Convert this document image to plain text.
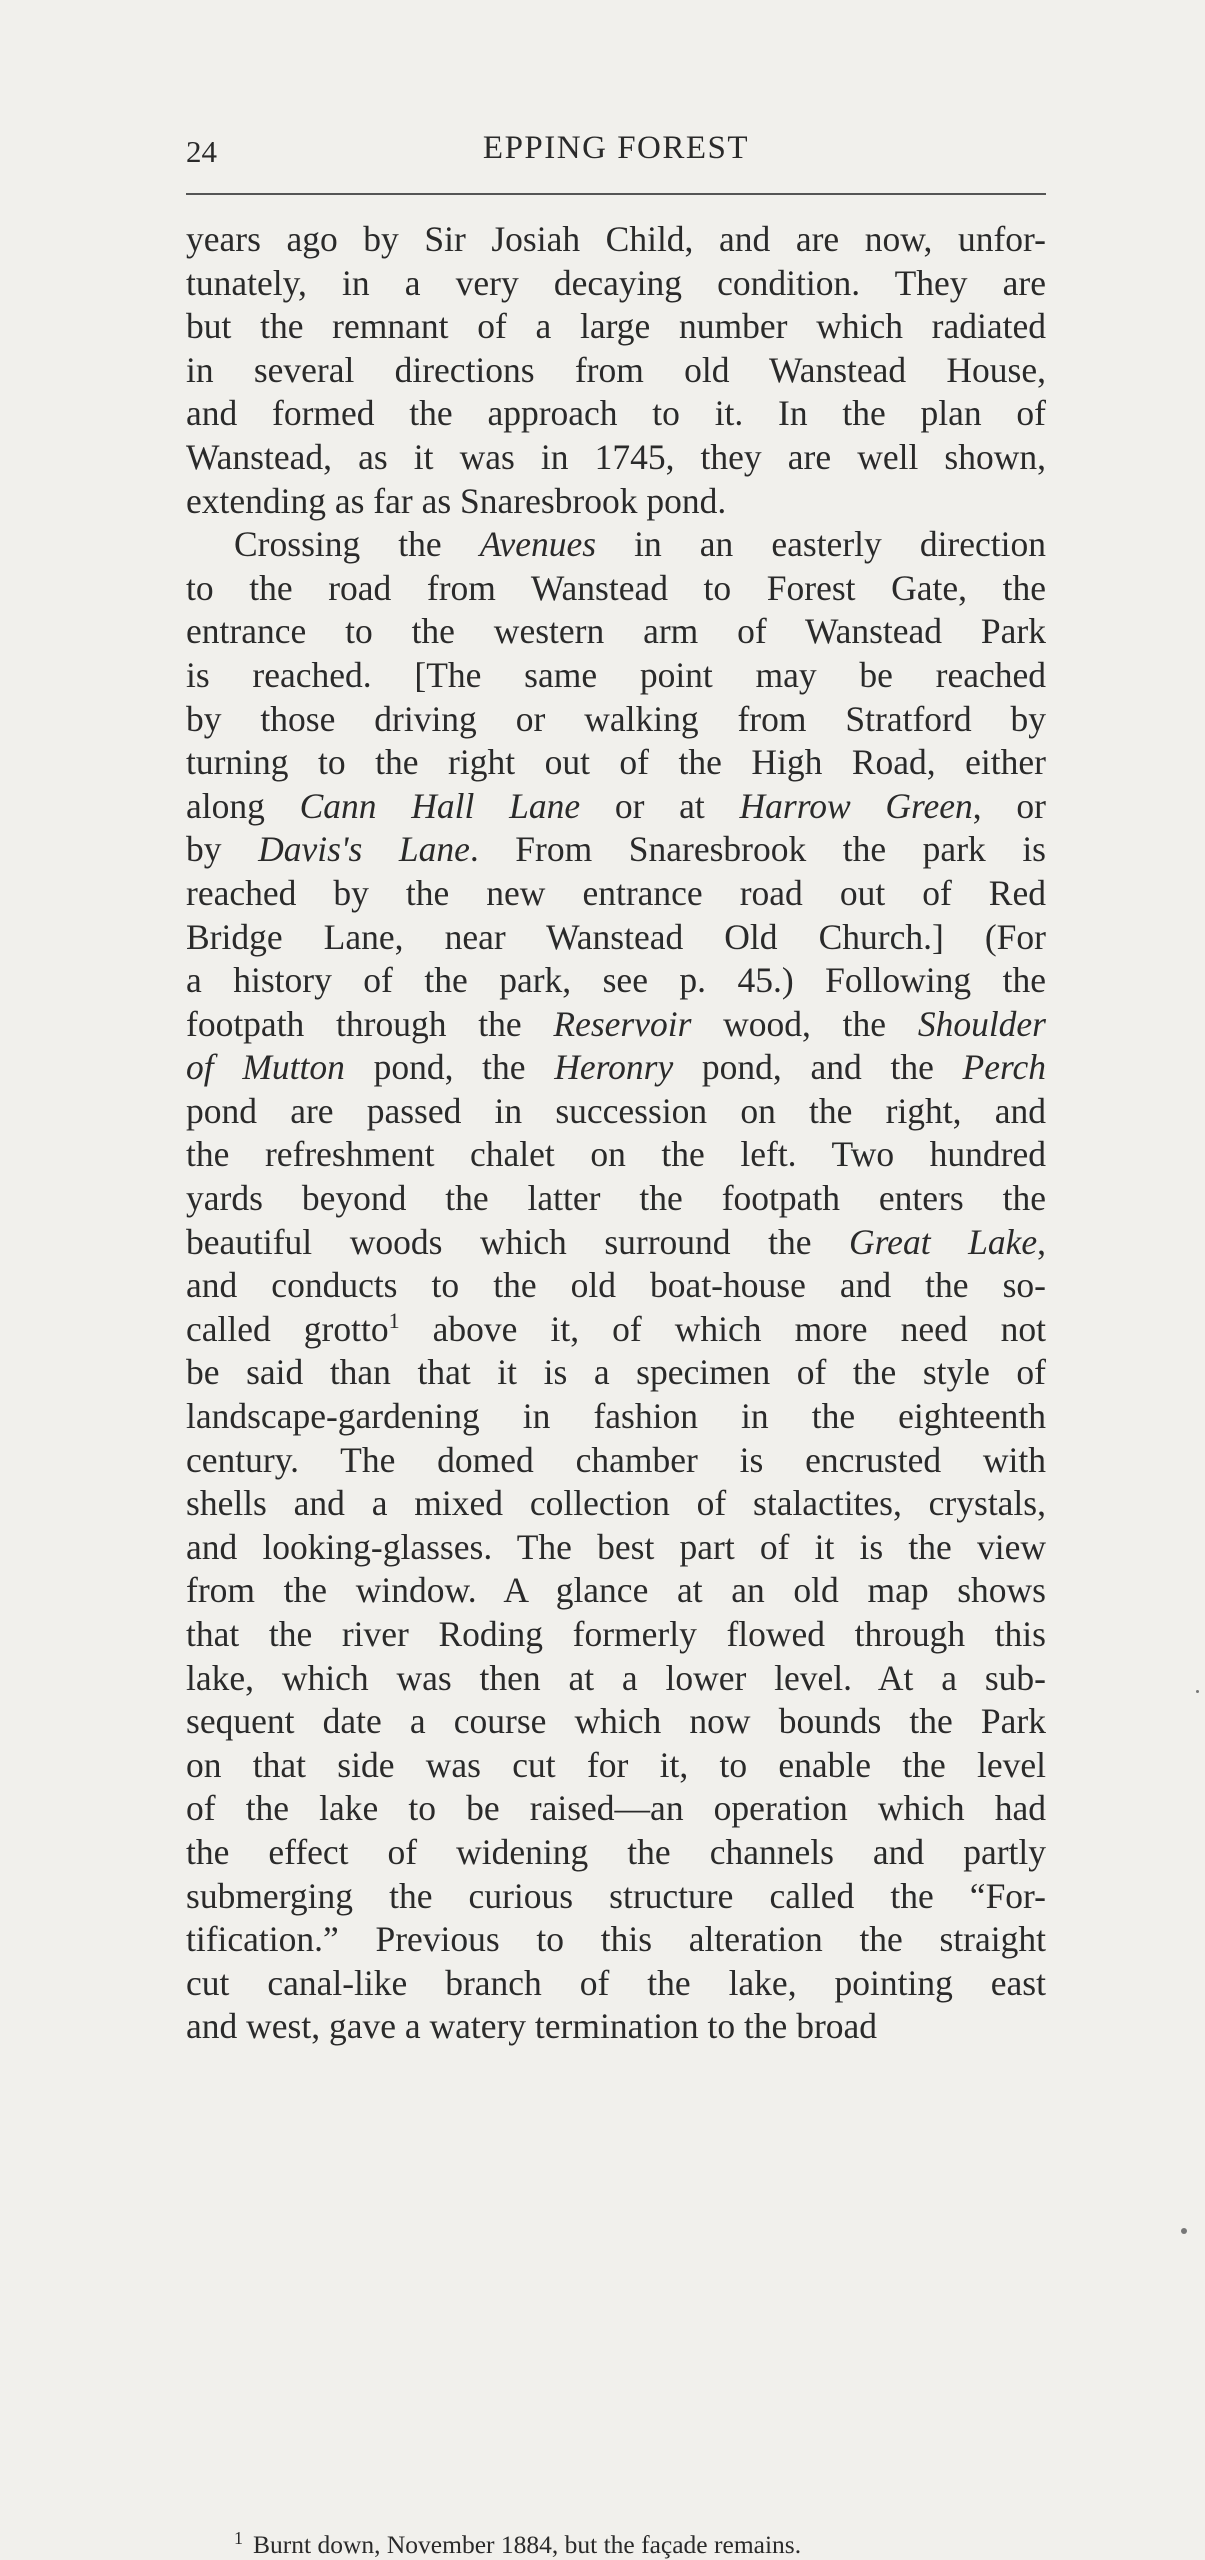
24	EPPING FOREST
years ago by Sir Josiah Child, and are now, unfor-
tunately, in a very decaying condition. They are
but the remnant of a large number which radiated
in several directions from old Wanstead House,
and formed the approach to it. In the plan of
Wanstead, as it was in 1745, they are well shown,
extending as far as Snaresbrook pond.
Crossing the Avenues in an easterly direction
to the road from Wanstead to Forest Gate, the
entrance to the western arm of Wanstead Park
is reached. [The same point may be reached
by those driving or walking from Stratford by
turning to the right out of the High Road, either
along Cann Hall Lane or at Harrow Green, or
by Davis's Lane. From Snaresbrook the park is
reached by the new entrance road out of Red
Bridge Lane, near Wanstead Old Church.] (For
a history of the park, see p. 45.) Following the
footpath through the Reservoir wood, the Shoulder
of Mutton pond, the Heronry pond, and the Perch
pond are passed in succession on the right, and
the refreshment chalet on the left. Two hundred
yards beyond the latter the footpath enters the
beautiful woods which surround the Great Lake,
and conducts to the old boat-house and the so-
called grotto$^1$ above it, of which more need not
be said than that it is a specimen of the style of
landscape-gardening in fashion in the eighteenth
century. The domed chamber is encrusted with
shells and a mixed collection of stalactites, crystals,
and looking-glasses. The best part of it is the view
from the window. A glance at an old map shows
that the river Roding formerly flowed through this
lake, which was then at a lower level. At a sub-
sequent date a course which now bounds the Park
on that side was cut for it, to enable the level
of the lake to be raised—an operation which had
the effect of widening the channels and partly
submerging the curious structure called the “For-
tification.” Previous to this alteration the straight
cut canal-like branch of the lake, pointing east
and west, gave a watery termination to the broad
$^1$ Burnt down, November 1884, but the façade remains.
